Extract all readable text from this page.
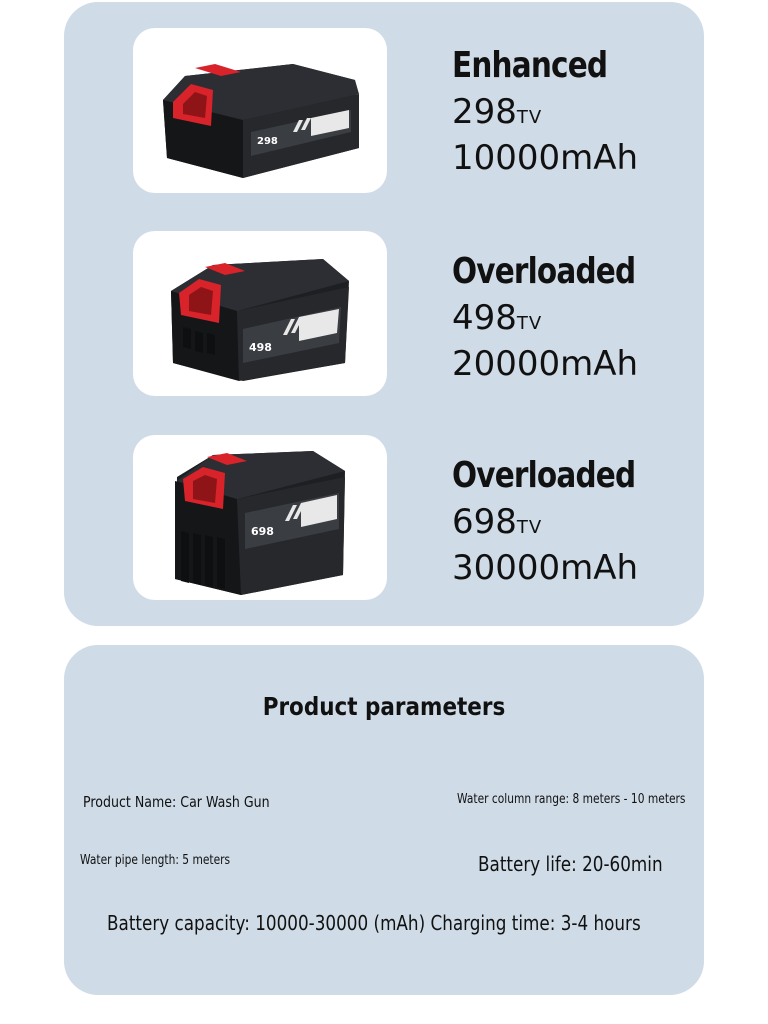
298
Enhanced
298TV
10000mAh
498
Overloaded
498TV
20000mAh
698
Overloaded
698TV
30000mAh
Product parameters
Product Name: Car Wash Gun	Water column range: 8 meters - 10 meters
Water pipe length: 5 meters	Battery life: 20-60min
Battery capacity: 10000-30000 (mAh) Charging time: 3-4 hours
